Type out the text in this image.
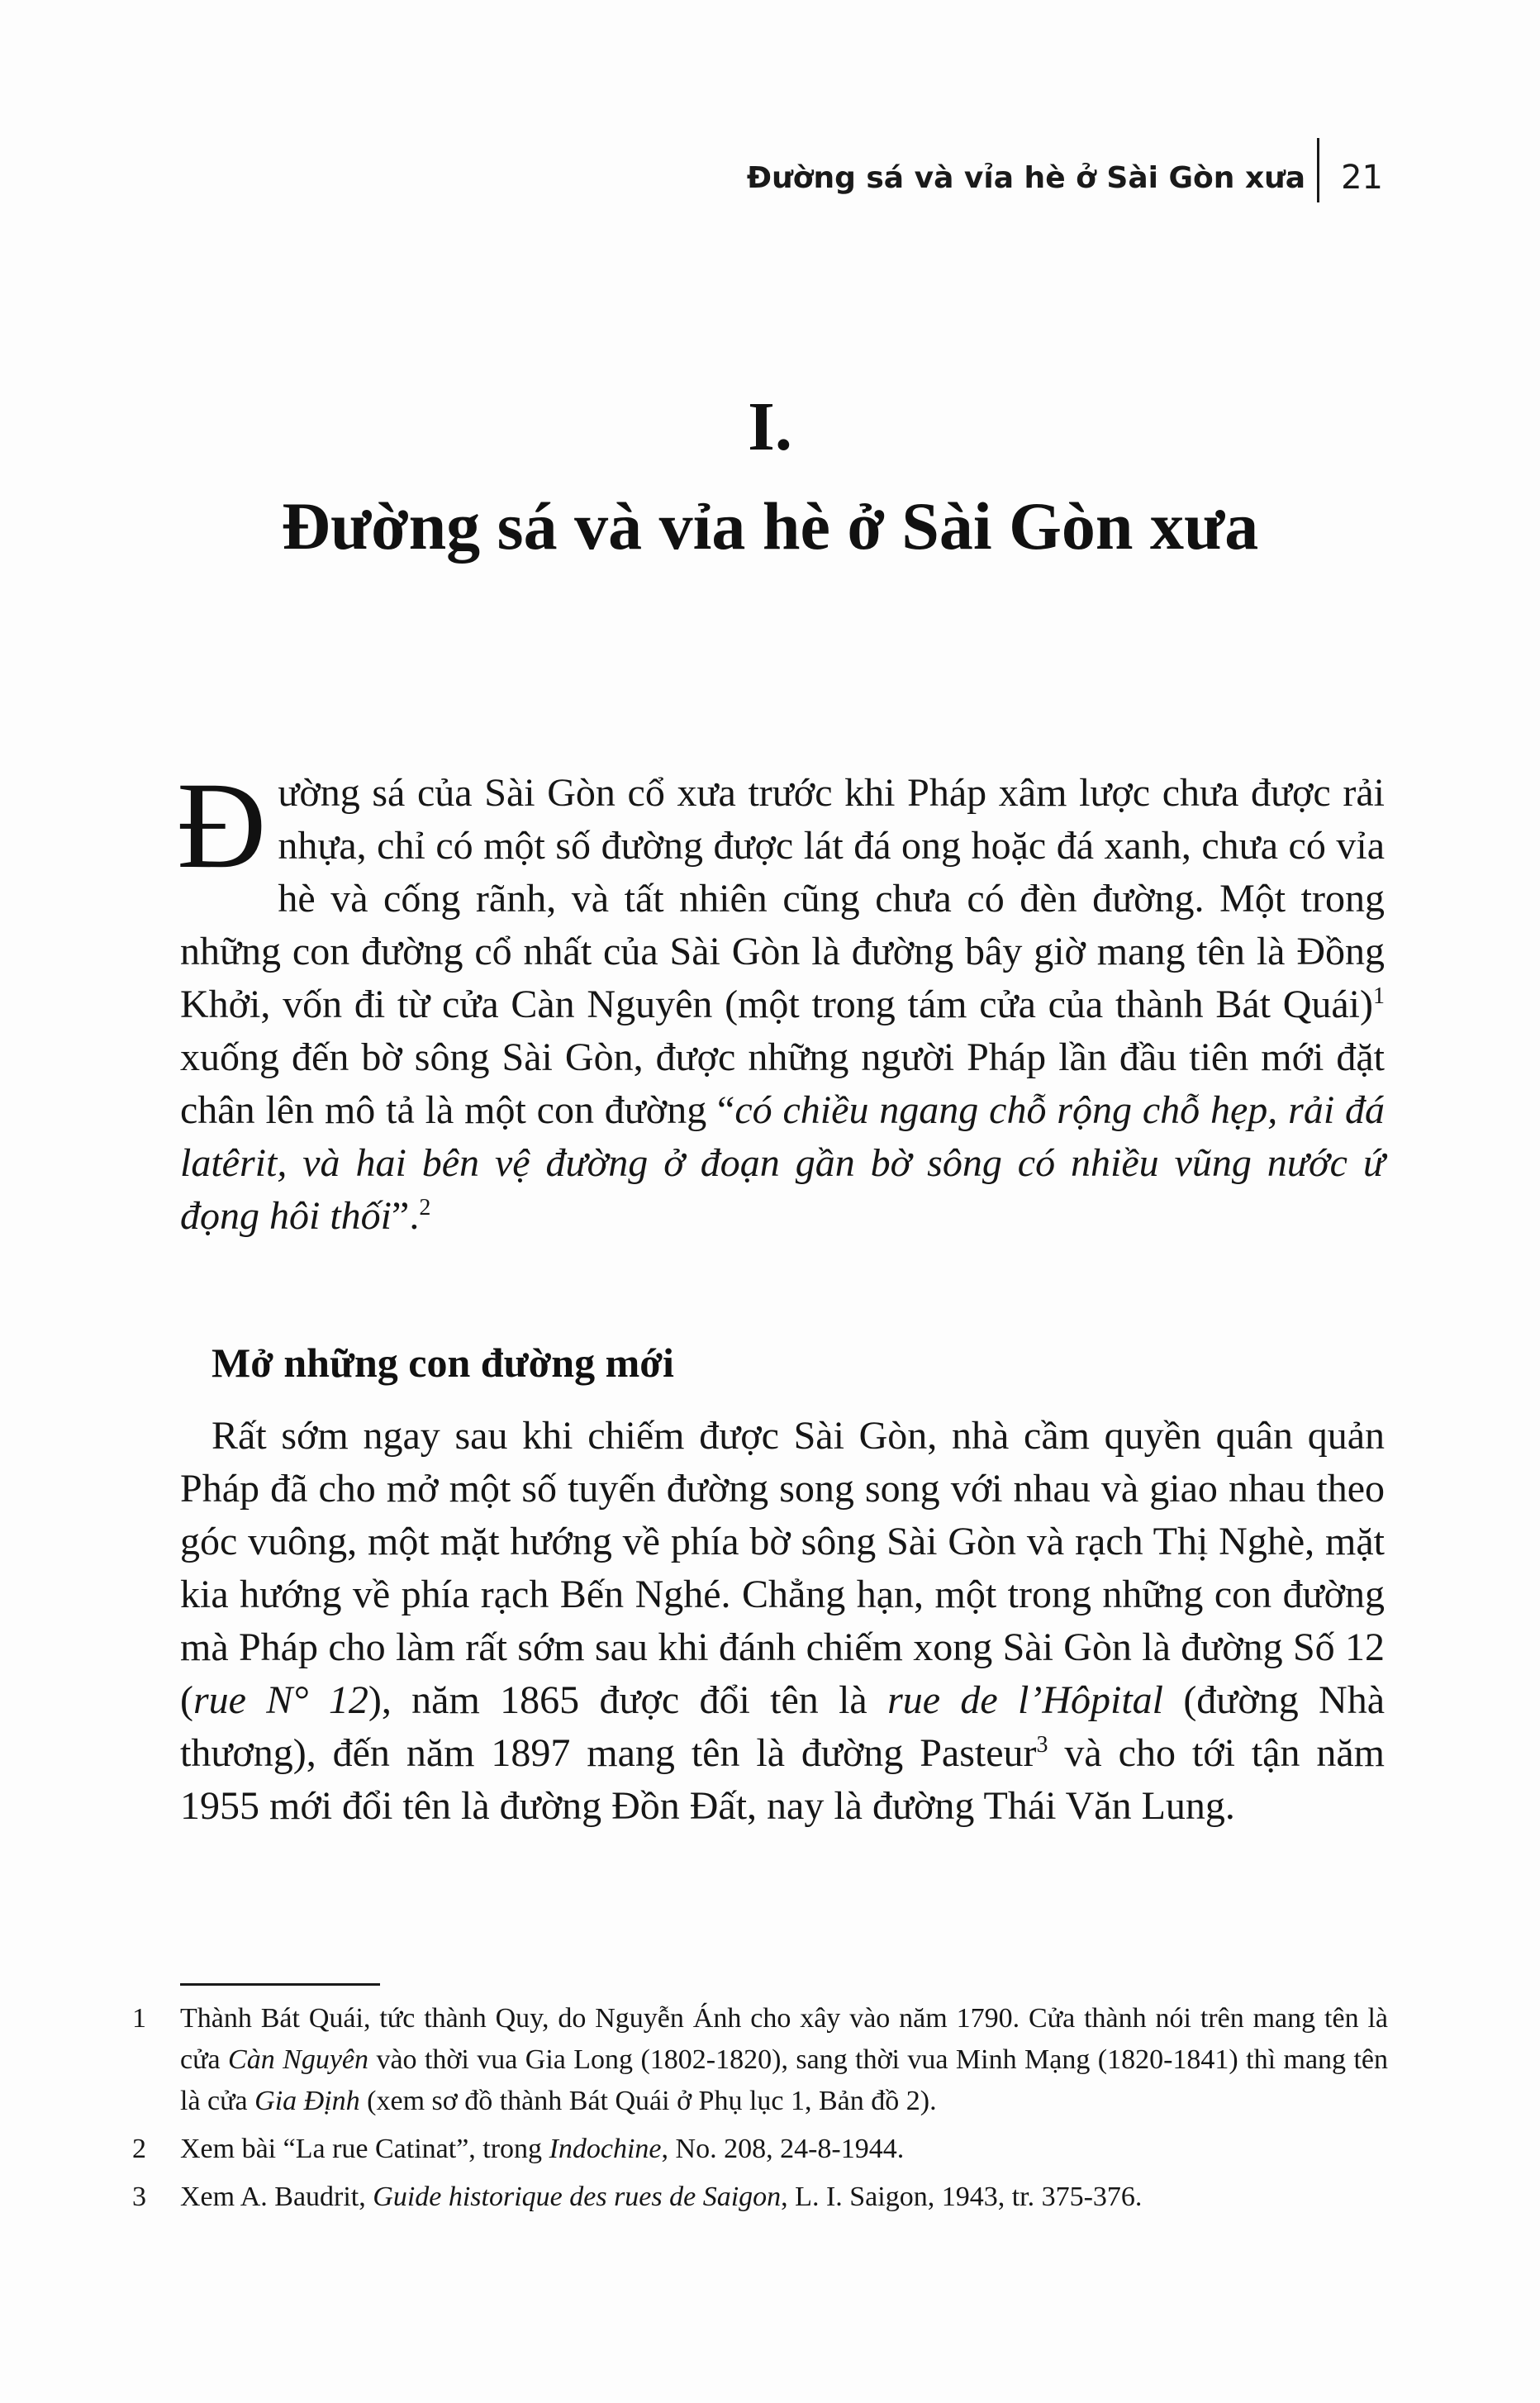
Đường sá và vỉa hè ở Sài Gòn xưa 21
I.
Đường sá và vỉa hè ở Sài Gòn xưa
Đường sá của Sài Gòn cổ xưa trước khi Pháp xâm lược chưa được rải nhựa, chỉ có một số đường được lát đá ong hoặc đá xanh, chưa có vỉa hè và cống rãnh, và tất nhiên cũng chưa có đèn đường. Một trong những con đường cổ nhất của Sài Gòn là đường bây giờ mang tên là Đồng Khởi, vốn đi từ cửa Càn Nguyên (một trong tám cửa của thành Bát Quái)$^1$ xuống đến bờ sông Sài Gòn, được những người Pháp lần đầu tiên mới đặt chân lên mô tả là một con đường “có chiều ngang chỗ rộng chỗ hẹp, rải đá latêrit, và hai bên vệ đường ở đoạn gần bờ sông có nhiều vũng nước ứ đọng hôi thối”.$^2$
Mở những con đường mới
Rất sớm ngay sau khi chiếm được Sài Gòn, nhà cầm quyền quân quản Pháp đã cho mở một số tuyến đường song song với nhau và giao nhau theo góc vuông, một mặt hướng về phía bờ sông Sài Gòn và rạch Thị Nghè, mặt kia hướng về phía rạch Bến Nghé. Chẳng hạn, một trong những con đường mà Pháp cho làm rất sớm sau khi đánh chiếm xong Sài Gòn là đường Số 12 (rue N° 12), năm 1865 được đổi tên là rue de l’Hôpital (đường Nhà thương), đến năm 1897 mang tên là đường Pasteur$^3$ và cho tới tận năm 1955 mới đổi tên là đường Đồn Đất, nay là đường Thái Văn Lung.
1	Thành Bát Quái, tức thành Quy, do Nguyễn Ánh cho xây vào năm 1790. Cửa thành nói trên mang tên là cửa Càn Nguyên vào thời vua Gia Long (1802-1820), sang thời vua Minh Mạng (1820-1841) thì mang tên là cửa Gia Định (xem sơ đồ thành Bát Quái ở Phụ lục 1, Bản đồ 2).
2	Xem bài “La rue Catinat”, trong Indochine, No. 208, 24-8-1944.
3	Xem A. Baudrit, Guide historique des rues de Saigon, L. I. Saigon, 1943, tr. 375-376.
